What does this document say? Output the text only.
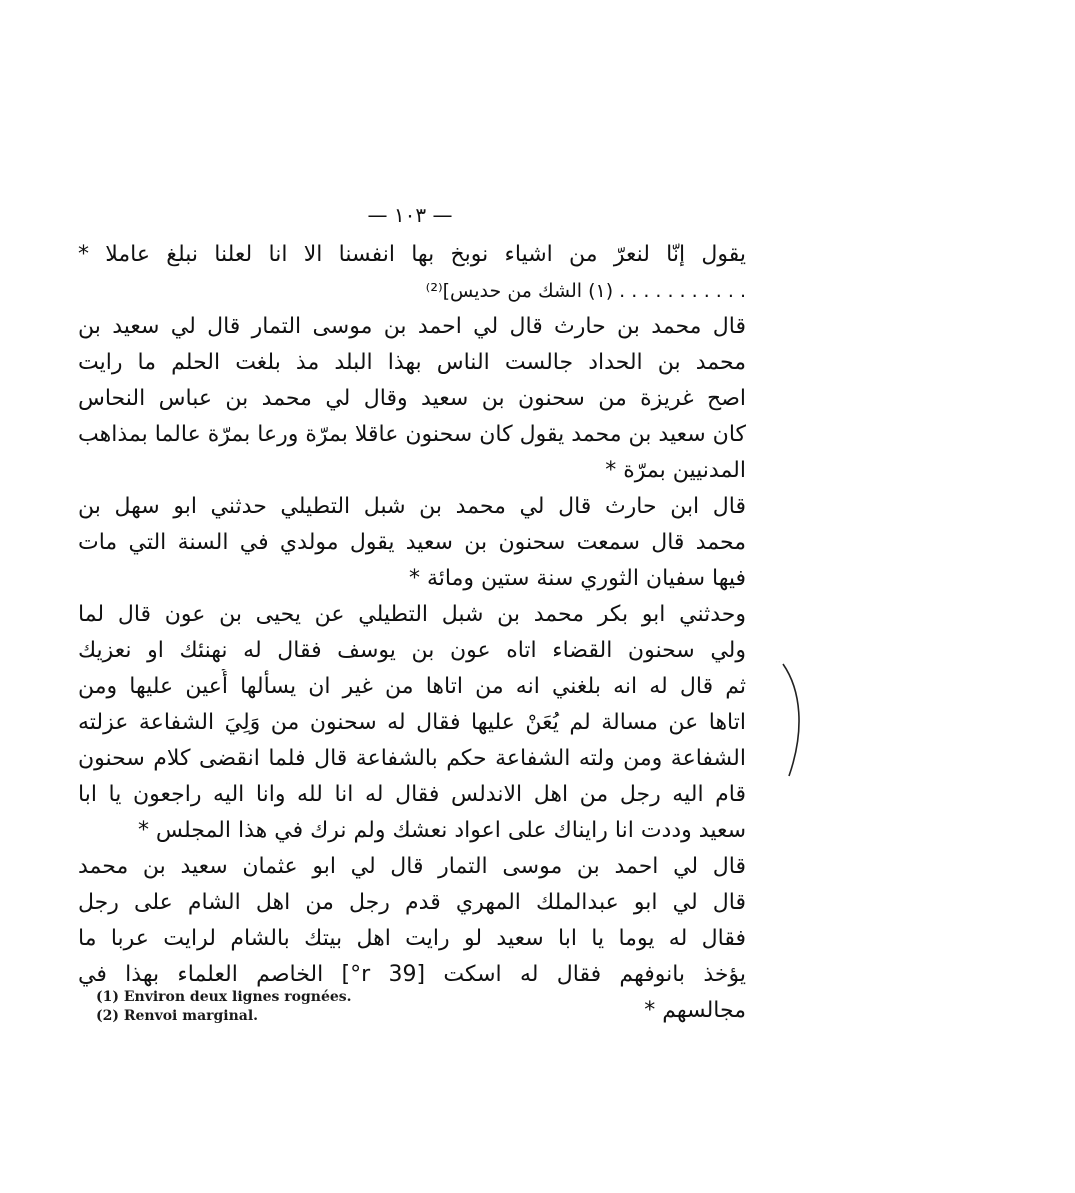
— ١٠٣ —
يقول إنّا لنعرّ من اشياء نوبخ بها انفسنا الا انا لعلنا نبلغ عاملا *
. . . . . . . . . . . (١) الشك من حديس]⁽²⁾
قال محمد بن حارث قال لي احمد بن موسى التمار قال لي سعيد بن
محمد بن الحداد جالست الناس بهذا البلد مذ بلغت الحلم ما رايت
اصح غريزة من سحنون بن سعيد وقال لي محمد بن عباس النحاس
كان سعيد بن محمد يقول كان سحنون عاقلا بمرّة ورعا بمرّة عالما بمذاهب
المدنيين بمرّة *
قال ابن حارث قال لي محمد بن شبل التطيلي حدثني ابو سهل بن
محمد قال سمعت سحنون بن سعيد يقول مولدي في السنة التي مات
فيها سفيان الثوري سنة ستين ومائة *
وحدثني ابو بكر محمد بن شبل التطيلي عن يحيى بن عون قال لما
ولي سحنون القضاء اتاه عون بن يوسف فقال له نهنئك او نعزيك
ثم قال له انه بلغني انه من اتاها من غير ان يسألها أُعين عليها ومن
اتاها عن مسالة لم يُعَنْ عليها فقال له سحنون من وَلِيَ الشفاعة عزلته
الشفاعة ومن ولته الشفاعة حكم بالشفاعة قال فلما انقضى كلام سحنون
قام اليه رجل من اهل الاندلس فقال له انا لله وانا اليه راجعون يا ابا
سعيد وددت انا رايناك على اعواد نعشك ولم نرك في هذا المجلس *
قال لي احمد بن موسى التمار قال لي ابو عثمان سعيد بن محمد
قال لي ابو عبدالملك المهري قدم رجل من اهل الشام على رجل
فقال له يوما يا ابا سعيد لو رايت اهل بيتك بالشام لرايت عربا ما
يؤخذ بانوفهم فقال له اسكت [39 r°] الخاصم العلماء بهذا في
مجالسهم *
(1) Environ deux lignes rognées.
(2) Renvoi marginal.
